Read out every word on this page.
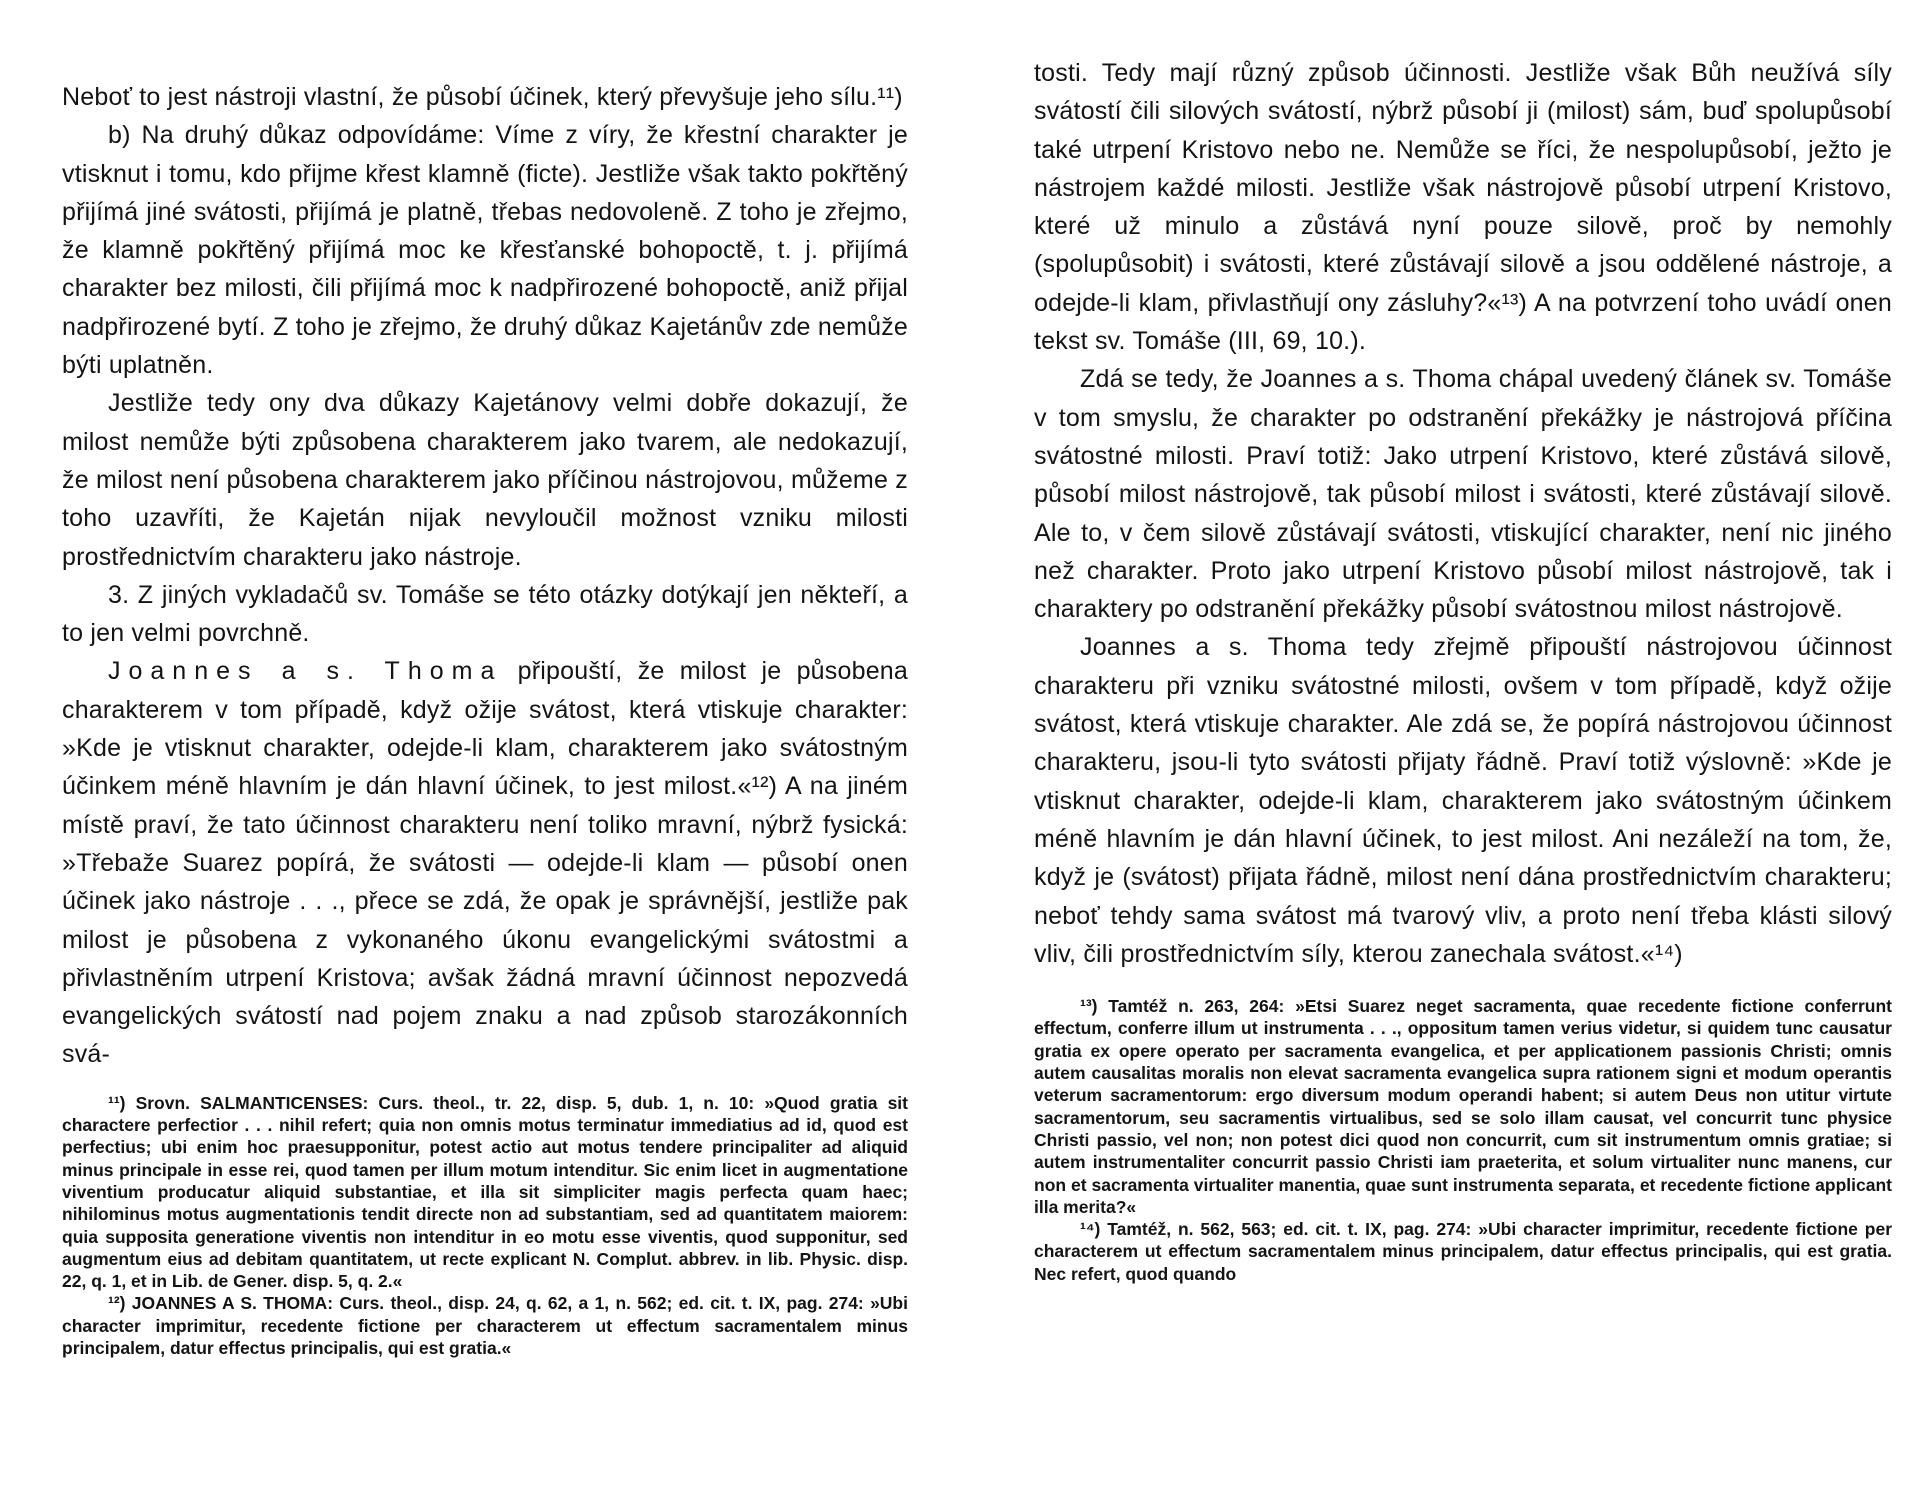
Neboť to jest nástroji vlastní, že působí účinek, který převyšuje jeho sílu.¹¹)

b) Na druhý důkaz odpovídáme: Víme z víry, že křestní charakter je vtisknut i tomu, kdo přijme křest klamně (ficte). Jestliže však takto pokřtěný přijímá jiné svátosti, přijímá je platně, třebas nedovoleně. Z toho je zřejmo, že klamně pokřtěný přijímá moc ke křesťanské bohopoctě, t. j. přijímá charakter bez milosti, čili přijímá moc k nadpřirozené bohopoctě, aniž přijal nadpřirozené bytí. Z toho je zřejmo, že druhý důkaz Kajetánův zde nemůže býti uplatněn.

Jestliže tedy ony dva důkazy Kajetánovy velmi dobře dokazují, že milost nemůže býti způsobena charakterem jako tvarem, ale nedokazují, že milost není působena charakterem jako příčinou nástrojovou, můžeme z toho uzavříti, že Kajetán nijak nevyloučil možnost vzniku milosti prostřednictvím charakteru jako nástroje.

3. Z jiných vykladačů sv. Tomáše se této otázky dotýkají jen někteří, a to jen velmi povrchně.

Joannes a s. Thoma připouští, že milost je působena charakterem v tom případě, když ožije svátost, která vtiskuje charakter: »Kde je vtisknut charakter, odejde-li klam, charakterem jako svátostným účinkem méně hlavním je dán hlavní účinek, to jest milost.«¹²) A na jiném místě praví, že tato účinnost charakteru není toliko mravní, nýbrž fysická: »Třebaže Suarez popírá, že svátosti — odejde-li klam — působí onen účinek jako nástroje . . ., přece se zdá, že opak je správnější, jestliže pak milost je působena z vykonaného úkonu evangelickými svátostmi a přivlastněním utrpení Kristova; avšak žádná mravní účinnost nepozvedá evangelických svátostí nad pojem znaku a nad způsob starozákonních svá-

¹¹) Srovn. SALMANTICENSES: Curs. theol., tr. 22, disp. 5, dub. 1, n. 10: »Quod gratia sit charactere perfectior . . . nihil refert; quia non omnis motus terminatur immediatius ad id, quod est perfectius; ubi enim hoc praesupponitur, potest actio aut motus tendere principaliter ad aliquid minus principale in esse rei, quod tamen per illum motum intenditur. Sic enim licet in augmentatione viventium producatur aliquid substantiae, et illa sit simpliciter magis perfecta quam haec; nihilominus motus augmentationis tendit directe non ad substantiam, sed ad quantitatem maiorem: quia supposita generatione viventis non intenditur in eo motu esse viventis, quod supponitur, sed augmentum eius ad debitam quantitatem, ut recte explicant N. Complut. abbrev. in lib. Physic. disp. 22, q. 1, et in Lib. de Gener. disp. 5, q. 2.«

¹²) JOANNES A S. THOMA: Curs. theol., disp. 24, q. 62, a 1, n. 562; ed. cit. t. IX, pag. 274: »Ubi character imprimitur, recedente fictione per characterem ut effectum sacramentalem minus principalem, datur effectus principalis, qui est gratia.«

tosti. Tedy mají různý způsob účinnosti. Jestliže však Bůh neužívá síly svátostí čili silových svátostí, nýbrž působí ji (milost) sám, buď spolupůsobí také utrpení Kristovo nebo ne. Nemůže se říci, že nespolupůsobí, ježto je nástrojem každé milosti. Jestliže však nástrojově působí utrpení Kristovo, které už minulo a zůstává nyní pouze silově, proč by nemohly (spolupůsobit) i svátosti, které zůstávají silově a jsou oddělené nástroje, a odejde-li klam, přivlastňují ony zásluhy?«¹³) A na potvrzení toho uvádí onen tekst sv. Tomáše (III, 69, 10.).

Zdá se tedy, že Joannes a s. Thoma chápal uvedený článek sv. Tomáše v tom smyslu, že charakter po odstranění překážky je nástrojová příčina svátostné milosti. Praví totiž: Jako utrpení Kristovo, které zůstává silově, působí milost nástrojově, tak působí milost i svátosti, které zůstávají silově. Ale to, v čem silově zůstávají svátosti, vtiskující charakter, není nic jiného než charakter. Proto jako utrpení Kristovo působí milost nástrojově, tak i charaktery po odstranění překážky působí svátostnou milost nástrojově.

Joannes a s. Thoma tedy zřejmě připouští nástrojovou účinnost charakteru při vzniku svátostné milosti, ovšem v tom případě, když ožije svátost, která vtiskuje charakter. Ale zdá se, že popírá nástrojovou účinnost charakteru, jsou-li tyto svátosti přijaty řádně. Praví totiž výslovně: »Kde je vtisknut charakter, odejde-li klam, charakterem jako svátostným účinkem méně hlavním je dán hlavní účinek, to jest milost. Ani nezáleží na tom, že, když je (svátost) přijata řádně, milost není dána prostřednictvím charakteru; neboť tehdy sama svátost má tvarový vliv, a proto není třeba klásti silový vliv, čili prostřednictvím síly, kterou zanechala svátost.«¹⁴)

¹³) Tamtéž n. 263, 264: »Etsi Suarez neget sacramenta, quae recedente fictione conferrunt effectum, conferre illum ut instrumenta . . ., oppositum tamen verius videtur, si quidem tunc causatur gratia ex opere operato per sacramenta evangelica, et per applicationem passionis Christi; omnis autem causalitas moralis non elevat sacramenta evangelica supra rationem signi et modum operantis veterum sacramentorum: ergo diversum modum operandi habent; si autem Deus non utitur virtute sacramentorum, seu sacramentis virtualibus, sed se solo illam causat, vel concurrit tunc physice Christi passio, vel non; non potest dici quod non concurrit, cum sit instrumentum omnis gratiae; si autem instrumentaliter concurrit passio Christi iam praeterita, et solum virtualiter nunc manens, cur non et sacramenta virtualiter manentia, quae sunt instrumenta separata, et recedente fictione applicant illa merita?«

¹⁴) Tamtéž, n. 562, 563; ed. cit. t. IX, pag. 274: »Ubi character imprimitur, recedente fictione per characterem ut effectum sacramentalem minus principalem, datur effectus principalis, qui est gratia. Nec refert, quod quando
